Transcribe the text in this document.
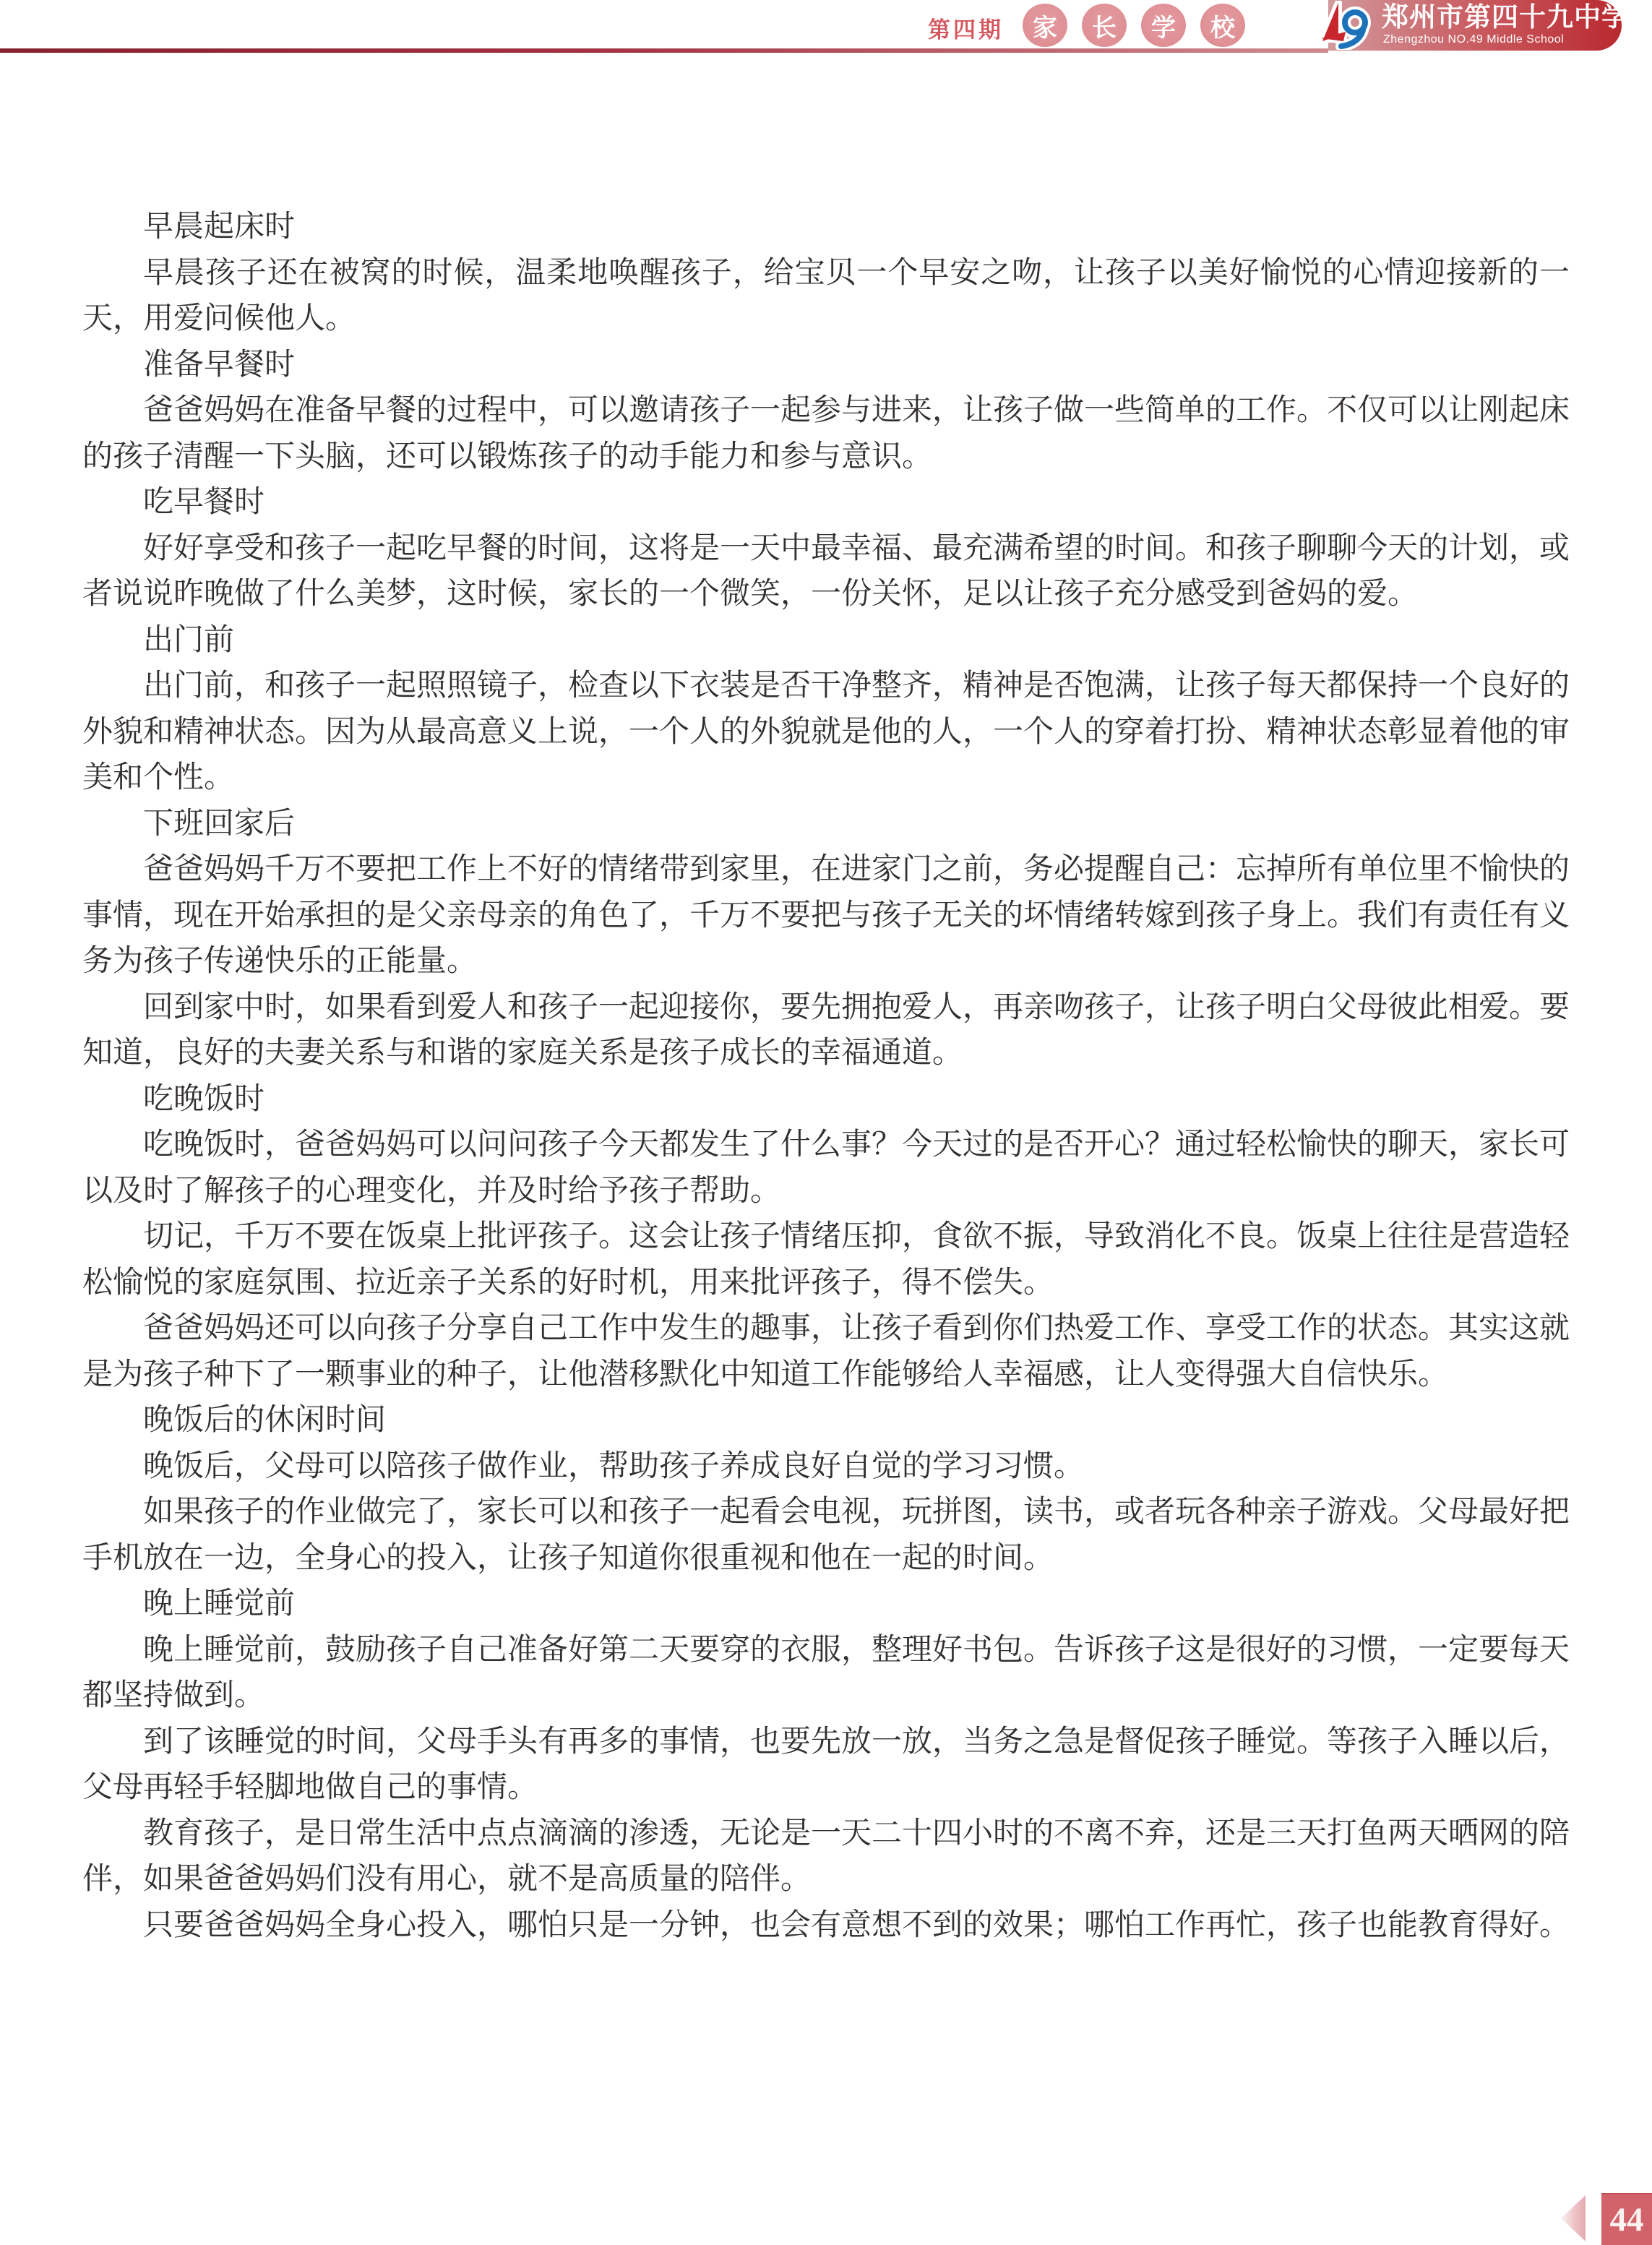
第四期	家	长	学	校	郑州市第四十九中学
Zhengzhou NO.49 Middle School

早晨起床时

早晨孩子还在被窝的时候，温柔地唤醒孩子，给宝贝一个早安之吻，让孩子以美好愉悦的心情迎接新的一天，用爱问候他人。

准备早餐时

爸爸妈妈在准备早餐的过程中，可以邀请孩子一起参与进来，让孩子做一些简单的工作。不仅可以让刚起床的孩子清醒一下头脑，还可以锻炼孩子的动手能力和参与意识。

吃早餐时

好好享受和孩子一起吃早餐的时间，这将是一天中最幸福、最充满希望的时间。和孩子聊聊今天的计划，或者说说昨晚做了什么美梦，这时候，家长的一个微笑，一份关怀，足以让孩子充分感受到爸妈的爱。

出门前

出门前，和孩子一起照照镜子，检查以下衣装是否干净整齐，精神是否饱满，让孩子每天都保持一个良好的外貌和精神状态。因为从最高意义上说，一个人的外貌就是他的人，一个人的穿着打扮、精神状态彰显着他的审美和个性。

下班回家后

爸爸妈妈千万不要把工作上不好的情绪带到家里，在进家门之前，务必提醒自己：忘掉所有单位里不愉快的事情，现在开始承担的是父亲母亲的角色了，千万不要把与孩子无关的坏情绪转嫁到孩子身上。我们有责任有义务为孩子传递快乐的正能量。

回到家中时，如果看到爱人和孩子一起迎接你，要先拥抱爱人，再亲吻孩子，让孩子明白父母彼此相爱。要知道，良好的夫妻关系与和谐的家庭关系是孩子成长的幸福通道。

吃晚饭时

吃晚饭时，爸爸妈妈可以问问孩子今天都发生了什么事？今天过的是否开心？通过轻松愉快的聊天，家长可以及时了解孩子的心理变化，并及时给予孩子帮助。

切记，千万不要在饭桌上批评孩子。这会让孩子情绪压抑，食欲不振，导致消化不良。饭桌上往往是营造轻松愉悦的家庭氛围、拉近亲子关系的好时机，用来批评孩子，得不偿失。

爸爸妈妈还可以向孩子分享自己工作中发生的趣事，让孩子看到你们热爱工作、享受工作的状态。其实这就是为孩子种下了一颗事业的种子，让他潜移默化中知道工作能够给人幸福感，让人变得强大自信快乐。

晚饭后的休闲时间

晚饭后，父母可以陪孩子做作业，帮助孩子养成良好自觉的学习习惯。

如果孩子的作业做完了，家长可以和孩子一起看会电视，玩拼图，读书，或者玩各种亲子游戏。父母最好把手机放在一边，全身心的投入，让孩子知道你很重视和他在一起的时间。

晚上睡觉前

晚上睡觉前，鼓励孩子自己准备好第二天要穿的衣服，整理好书包。告诉孩子这是很好的习惯，一定要每天都坚持做到。

到了该睡觉的时间，父母手头有再多的事情，也要先放一放，当务之急是督促孩子睡觉。等孩子入睡以后，父母再轻手轻脚地做自己的事情。

教育孩子，是日常生活中点点滴滴的渗透，无论是一天二十四小时的不离不弃，还是三天打鱼两天晒网的陪伴，如果爸爸妈妈们没有用心，就不是高质量的陪伴。

只要爸爸妈妈全身心投入，哪怕只是一分钟，也会有意想不到的效果；哪怕工作再忙，孩子也能教育得好。

44
